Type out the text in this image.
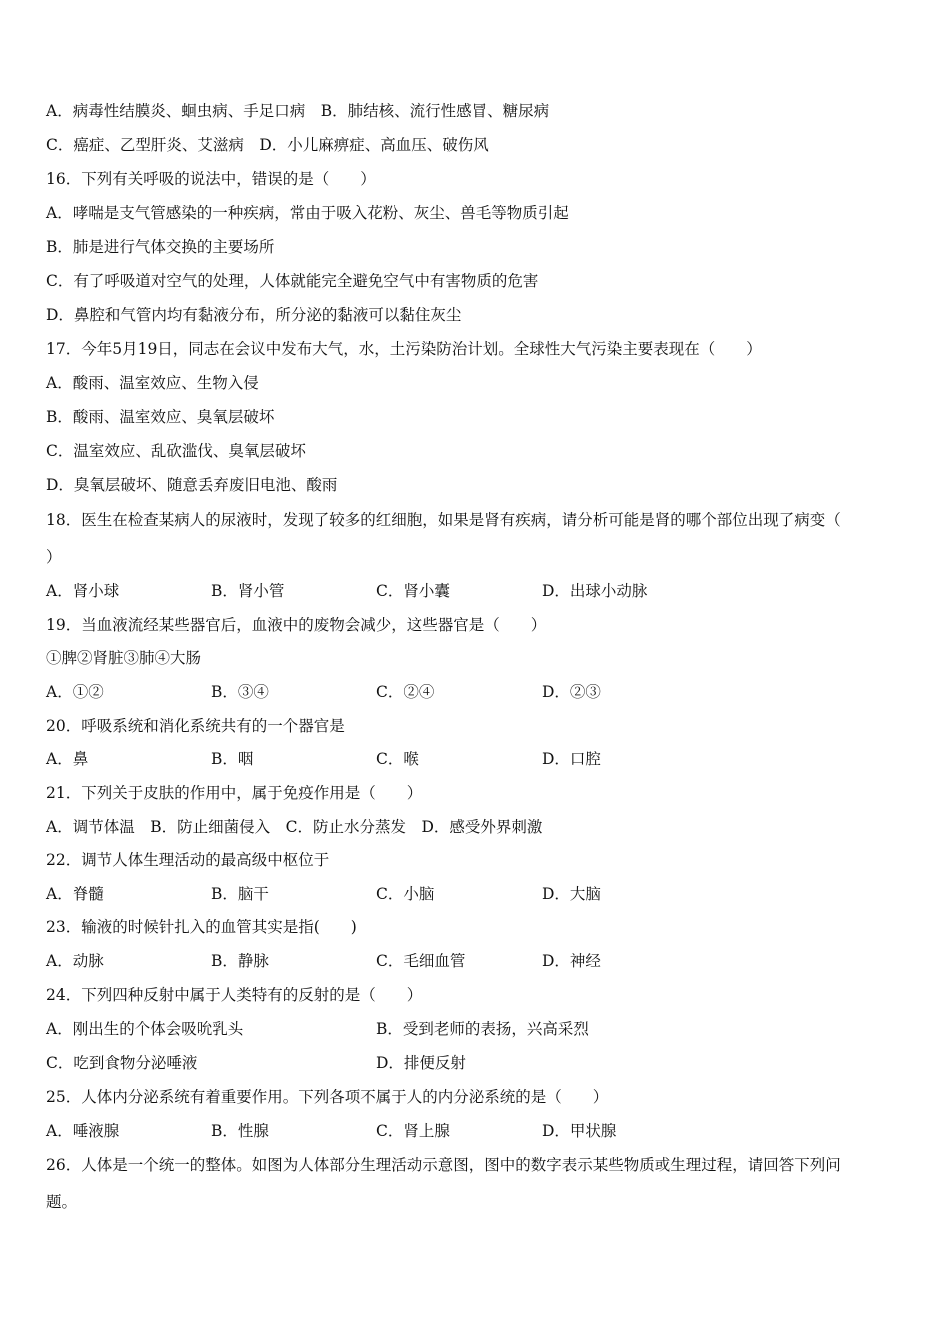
A．病毒性结膜炎、蛔虫病、手足口病　B．肺结核、流行性感冒、糖尿病
C．癌症、乙型肝炎、艾滋病　D．小儿麻痹症、高血压、破伤风
16．下列有关呼吸的说法中，错误的是（　　）
A．哮喘是支气管感染的一种疾病，常由于吸入花粉、灰尘、兽毛等物质引起
B．肺是进行气体交换的主要场所
C．有了呼吸道对空气的处理，人体就能完全避免空气中有害物质的危害
D．鼻腔和气管内均有黏液分布，所分泌的黏液可以黏住灰尘
17．今年5月19日，同志在会议中发布大气，水，土污染防治计划。全球性大气污染主要表现在（　　）
A．酸雨、温室效应、生物入侵
B．酸雨、温室效应、臭氧层破坏
C．温室效应、乱砍滥伐、臭氧层破坏
D．臭氧层破坏、随意丢弃废旧电池、酸雨
18．医生在检查某病人的尿液时，发现了较多的红细胞，如果是肾有疾病，请分析可能是肾的哪个部位出现了病变（
）
A．肾小球	B．肾小管	C．肾小囊	D．出球小动脉
19．当血液流经某些器官后，血液中的废物会减少，这些器官是（　　）
①脾②肾脏③肺④大肠
A．①②	B．③④	C．②④	D．②③
20．呼吸系统和消化系统共有的一个器官是
A．鼻	B．咽	C．喉	D．口腔
21．下列关于皮肤的作用中，属于免疫作用是（　　）
A．调节体温　B．防止细菌侵入　C．防止水分蒸发　D．感受外界刺激
22．调节人体生理活动的最高级中枢位于
A．脊髓	B．脑干	C．小脑	D．大脑
23．输液的时候针扎入的血管其实是指(　　)
A．动脉	B．静脉	C．毛细血管	D．神经
24．下列四种反射中属于人类特有的反射的是（　　）
A．刚出生的个体会吸吮乳头	B．受到老师的表扬，兴高采烈
C．吃到食物分泌唾液	D．排便反射
25．人体内分泌系统有着重要作用。下列各项不属于人的内分泌系统的是（　　）
A．唾液腺	B．性腺	C．肾上腺	D．甲状腺
26．人体是一个统一的整体。如图为人体部分生理活动示意图，图中的数字表示某些物质或生理过程，请回答下列问
题。
